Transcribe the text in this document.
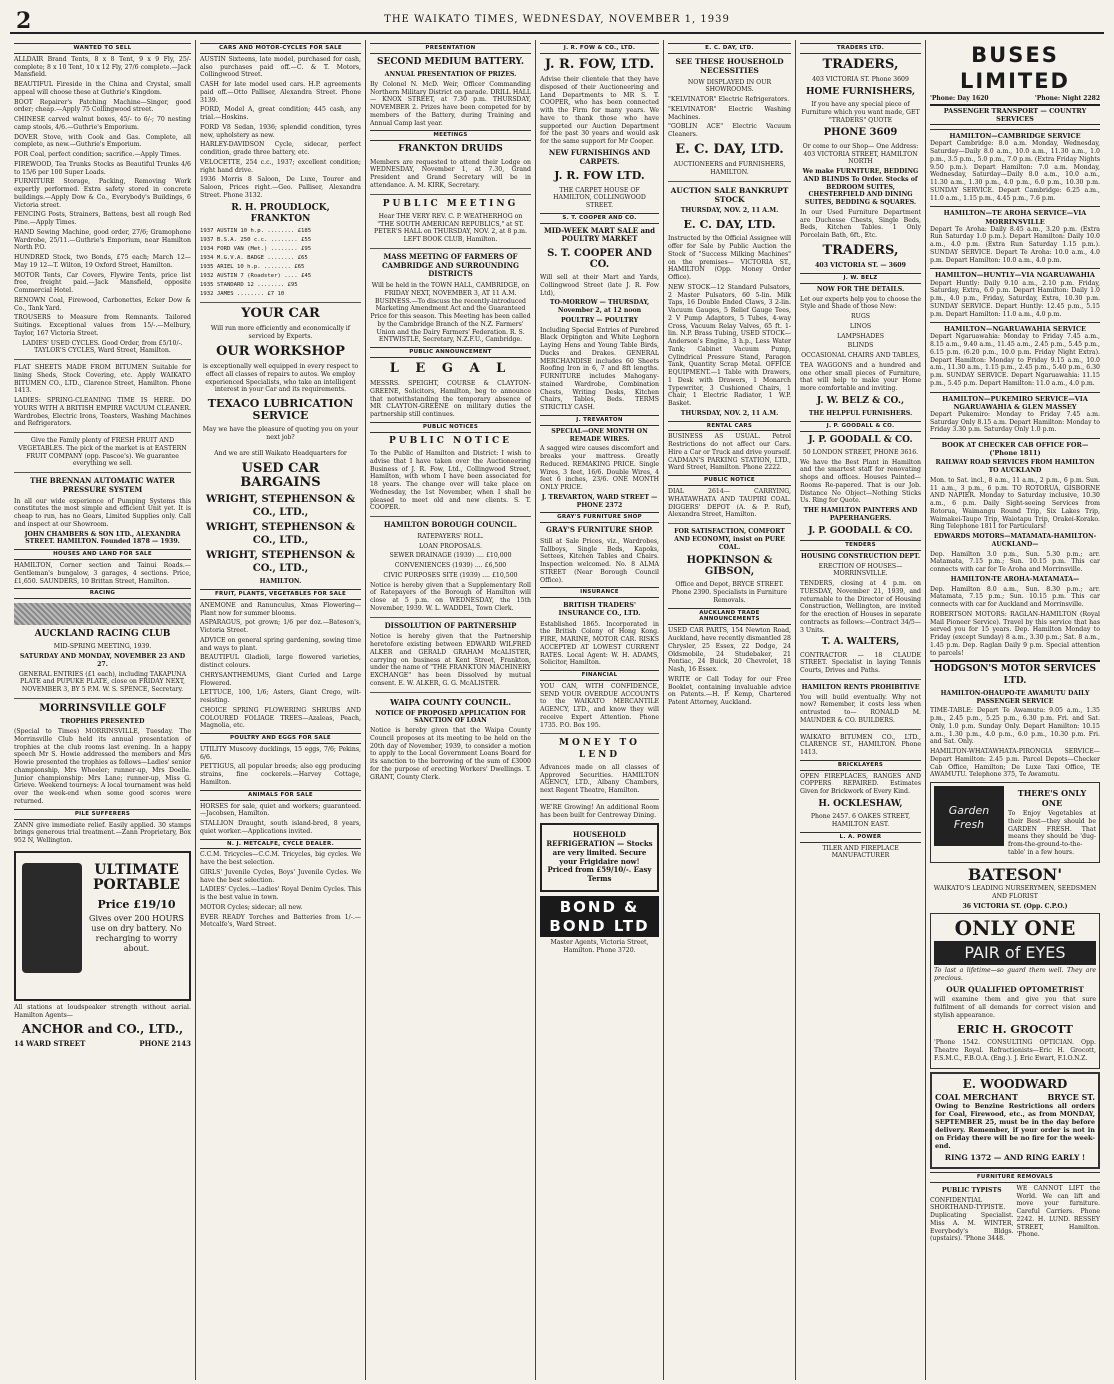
2	THE WAIKATO TIMES, WEDNESDAY, NOVEMBER 1, 1939
WANTED TO SELL
ALLDAIR Brand Tents, 8 x 8 Tent, 9 x 9 Fly, 25/- complete; 8 x 10 Tent, 10 x 12 Fly, 27/6 complete.—Jack Mansfield.
BEAUTIFUL Fireside in the China and Crystal, small appeal will choose these at Guthrie's Kingdom.
BOOT Repairer's Patching Machine—Singer, good order; cheap.—Apply 75 Collingwood street.
CHINESE carved walnut boxes, 45/- to 6/-; 70 nesting camp stools, 4/6.—Guthrie's Emporium.
DOVER Stove, with Cook and Gas. Complete, all complete, as new.—Guthrie's Emporium.
FOR Coal, perfect condition; sacrifice.—Apply Times.
FIREWOOD, Tea Trunks Stocks as Beautiful Trunks 4/6 to 15/6 per 100 Super Loads.
FURNITURE Storage, Packing, Removing Work expertly performed. Extra safety stored in concrete buildings.—Apply Dow & Co., Everybody's Buildings, 6 Victoria street.
FENCING Posts, Strainers, Battens, best all rough Red Pine.—Apply Times.
HAND Sewing Machine, good order, 27/6; Gramophone Wardrobe, 25/11.—Guthrie's Emporium, near Hamilton North P.O.
HUNDRED Stock, two Bonds, £75 each; March 12—May 19 12—T. Wilton, 19 Oxford Street, Hamilton.
MOTOR Tents, Car Covers, Flywire Tents, price list free, freight paid.—Jack Mansfield, opposite Commercial Hotel.
RENOWN Coal, Firewood, Carbonettes, Ecker Dow & Co., Tank Yard.
TROUSERS to Measure from Remnants. Tailored Suitings. Exceptional values from 15/-.—Melbury, Taylor, 167 Victoria Street.
LADIES' USED CYCLES. Good Order, from £5/10/-. TAYLOR'S CYCLES, Ward Street, Hamilton.
FLAT SHEETS MADE FROM BITUMEN Suitable for lining Sheds, Stock Covering, etc. Apply WAIKATO BITUMEN CO., LTD., Clarence Street, Hamilton. Phone 1413.
LADIES: SPRING-CLEANING TIME IS HERE. DO YOURS WITH A BRITISH EMPIRE VACUUM CLEANER. Wardrobes, Electric Irons, Toasters, Washing Machines and Refrigerators.
Give the Family plenty of FRESH FRUIT AND VEGETABLES. The pick of the market is at EASTERN FRUIT COMPANY (opp. Pascoe's). We guarantee everything we sell.
THE BRENNAN AUTOMATIC WATER PRESSURE SYSTEM
In all our wide experience of Pumping Systems this constitutes the most simple and efficient Unit yet. It is cheap to run, has no Gears, Limited Supplies only. Call and inspect at our Showroom.
JOHN CHAMBERS & SON LTD., ALEXANDRA STREET. HAMILTON. Founded 1878 — 1939.
HOUSES AND LAND FOR SALE
HAMILTON, Corner section and Tainui Roads.—Gentleman's bungalow, 3 garages, 4 sections. Price, £1,650. SAUNDERS, 10 Brittan Street, Hamilton.
RACING
AUCKLAND RACING CLUB
MID-SPRING MEETING, 1939.
SATURDAY AND MONDAY, NOVEMBER 23 AND 27.
GENERAL ENTRIES (£1 each), including TAKAPUNA PLATE and PUPUKE PLATE, close on FRIDAY NEXT, NOVEMBER 3, BY 5 P.M. W. S. SPENCE, Secretary.
MORRINSVILLE GOLF
TROPHIES PRESENTED
(Special to Times) MORRINSVILLE, Tuesday. The Morrinsville Club held its annual presentation of trophies at the club rooms last evening. In a happy speech Mr S. Howie addressed the members and Mrs Howie presented the trophies as follows—Ladies' senior championship, Mrs Wheeler; runner-up, Mrs Doelle. Junior championship: Mrs Lane; runner-up, Miss G. Grieve. Weekend tourneys: A local tournament was held over the week-end when some good scores were returned.
PILE SUFFERERS
ZANN give immediate relief. Easily applied. 30 stamps brings generous trial treatment.—Zann Proprietary, Box 952 N, Wellington.
ULTIMATE PORTABLE
Price £19/10
Gives over 200 HOURS use on dry battery. No recharging to worry about.
All stations at loudspeaker strength without aerial. Hamilton Agents—
ANCHOR and CO., LTD.,
14 WARD STREET	PHONE 2143
CARS AND MOTOR-CYCLES FOR SALE
AUSTIN Sixteens, late model, purchased for cash, also purchases paid off.—C. & T. Motors, Collingwood Street.
CASH for late model used cars. H.P. agreements paid off.—Otto Palliser, Alexandra Street. Phone 3139.
FORD, Model A, great condition; 445 cash, any trial.—Hoskins.
FORD V8 Sedan, 1936; splendid condition, tyres new, upholstery as new.
HARLEY-DAVIDSON Cycle, sidecar, perfect condition, grade three battery, etc.
VELOCETTE, 254 c.c., 1937; excellent condition; right hand drive.
1936 Morris 8 Saloon, De Luxe, Tourer and Saloon, Prices right.—Geo. Palliser, Alexandra Street. Phone 3132.
R. H. PROUDLOCK, FRANKTON
1937 AUSTIN 10 h.p. ........ £185
1937 B.S.A. 250 c.c. ........ £55
1934 FORD VAN (Met.) ........ £95
1934 M.G.V.A. BADGE ........ £65
1935 ARIEL 10 h.p. ........ £65
1932 AUSTIN 7 (Roadster) .... £45
1935 STANDARD 12 ........ £95
1932 JAMES ........ £7 10
YOUR CAR
Will run more efficiently and economically if serviced by Experts.
OUR WORKSHOP
is exceptionally well equipped in every respect to effect all classes of repairs to autos. We employ experienced Specialists, who take an intelligent interest in your Car and its requirements.
TEXACO LUBRICATION SERVICE
May we have the pleasure of quoting you on your next job?
And we are still Waikato Headquarters for
USED CAR BARGAINS
WRIGHT, STEPHENSON & CO., LTD.,
WRIGHT, STEPHENSON & CO., LTD.,
WRIGHT, STEPHENSON & CO., LTD.,
HAMILTON.
FRUIT, PLANTS, VEGETABLES FOR SALE
ANEMONE and Ranunculus, Xmas Flowering—Plant now for summer blooms.
ASPARAGUS, pot grown; 1/6 per doz.—Bateson's, Victoria Street.
ADVICE on general spring gardening, sowing time and ways to plant.
BEAUTIFUL Gladioli, large flowered varieties, distinct colours.
CHRYSANTHEMUMS, Giant Curled and Large Flowered.
LETTUCE, 100, 1/6; Asters, Giant Crego, wilt-resisting.
CHOICE SPRING FLOWERING SHRUBS AND COLOURED FOLIAGE TREES—Azaleas, Peach, Magnolia, etc.
POULTRY AND EGGS FOR SALE
UTILITY Muscovy ducklings, 15 eggs, 7/6; Pekins, 6/6.
PETTIGUS, all popular breeds; also egg producing strains, fine cockerels.—Harvey Cottage, Hamilton.
ANIMALS FOR SALE
HORSES for sale, quiet and workers; guaranteed.—Jacobsen, Hamilton.
STALLION Draught, south island-bred, 8 years, quiet worker.—Applications invited.
N. J. METCALFE, CYCLE DEALER.
C.C.M. Tricycles—C.C.M. Tricycles, big cycles. We have the best selection.
GIRLS' Juvenile Cycles, Boys' Juvenile Cycles. We have the best selection.
LADIES' Cycles.—Ladies' Royal Denim Cycles. This is the best value in town.
MOTOR Cycles; sidecar; all new.
EVER READY Torches and Batteries from 1/-.—Metcalfe's, Ward Street.
PRESENTATION
SECOND MEDIUM BATTERY.
ANNUAL PRESENTATION OF PRIZES.
By Colonel N. McD. Weir, Officer Commanding Northern Military District on parade. DRILL HALL — KNOX STREET, at 7.30 p.m. THURSDAY, NOVEMBER 2. Prizes have been competed for by members of the Battery, during Training and Annual Camp last year.
MEETINGS
FRANKTON DRUIDS
Members are requested to attend their Lodge on WEDNESDAY, November 1, at 7.30, Grand President and Grand Secretary will be in attendance. A. M. KIRK, Secretary.
PUBLIC MEETING
Hear THE VERY REV. C. P. WEATHERHOG on "THE SOUTH AMERICAN REPUBLICS," at ST. PETER'S HALL on THURSDAY, NOV. 2, at 8 p.m. LEFT BOOK CLUB, Hamilton.
MASS MEETING OF FARMERS OF CAMBRIDGE AND SURROUNDING DISTRICTS
Will be held in the TOWN HALL, CAMBRIDGE, on FRIDAY NEXT, NOVEMBER 3, AT 11 A.M. BUSINESS.—To discuss the recently-introduced Marketing Amendment Act and the Guaranteed Price for this season. This Meeting has been called by the Cambridge Branch of the N.Z. Farmers' Union and the Dairy Farmers' Federation. R. S. ENTWISTLE, Secretary, N.Z.F.U., Cambridge.
PUBLIC ANNOUNCEMENT
L E G A L
MESSRS. SPEIGHT, COURSE & CLAYTON-GREENE, Solicitors, Hamilton, beg to announce that notwithstanding the temporary absence of MR CLAYTON-GREENE on military duties the partnership still continues.
PUBLIC NOTICES
PUBLIC NOTICE
To the Public of Hamilton and District: I wish to advise that I have taken over the Auctioneering Business of J. R. Fow, Ltd., Collingwood Street, Hamilton, with whom I have been associated for 18 years. The change over will take place on Wednesday, the 1st November, when I shall be pleased to meet old and new clients. S. T. COOPER.
HAMILTON BOROUGH COUNCIL.
RATEPAYERS' ROLL.
LOAN PROPOSALS.
SEWER DRAINAGE (1939) .... £10,000
CONVENIENCES (1939) .... £6,500
CIVIC PURPOSES SITE (1939) .... £10,500
Notice is hereby given that a Supplementary Roll of Ratepayers of the Borough of Hamilton will close at 5 p.m. on WEDNESDAY, the 15th November, 1939. W. L. WADDEL, Town Clerk.
DISSOLUTION OF PARTNERSHIP
Notice is hereby given that the Partnership heretofore existing between EDWARD WILFRED ALKER and GERALD GRAHAM McALISTER, carrying on business at Kent Street, Frankton, under the name of "THE FRANKTON MACHINERY EXCHANGE" has been Dissolved by mutual consent. E. W. ALKER, G. G. McALISTER.
WAIPA COUNTY COUNCIL.
NOTICE OF PROPOSED APPLICATION FOR SANCTION OF LOAN
Notice is hereby given that the Waipa County Council proposes at its meeting to be held on the 20th day of November, 1939, to consider a motion to apply to the Local Government Loans Board for its sanction to the borrowing of the sum of £3000 for the purpose of erecting Workers' Dwellings. T. GRANT, County Clerk.
J. R. FOW & CO., LTD.
J. R. FOW, LTD.
Advise their clientele that they have disposed of their Auctioneering and Land Departments to MR S. T. COOPER, who has been connected with the Firm for many years. We have to thank those who have supported our Auction Department for the past 30 years and would ask for the same support for Mr Cooper.
NEW FURNISHINGS AND CARPETS.
J. R. FOW LTD.
THE CARPET HOUSE OF HAMILTON, COLLINGWOOD STREET.
S. T. COOPER AND CO.
MID-WEEK MART SALE and POULTRY MARKET
S. T. COOPER AND CO.
Will sell at their Mart and Yards, Collingwood Street (late J. R. Fow Ltd),
TO-MORROW — THURSDAY, November 2, at 12 noon
POULTRY — POULTRY
Including Special Entries of Purebred Black Orpington and White Leghorn Laying Hens and Young Table Birds, Ducks and Drakes. GENERAL MERCHANDISE includes 60 Sheets Roofing Iron in 6, 7 and 8ft lengths. FURNITURE includes Mahogany-stained Wardrobe, Combination Chests, Writing Desks, Kitchen Chairs, Tables, Beds. TERMS STRICTLY CASH.
J. TREVARTON
SPECIAL—ONE MONTH ON REMADE WIRES.
A sagged wire causes discomfort and breaks your mattress. Greatly Reduced. REMAKING PRICE. Single Wires, 3 feet, 16/6. Double Wires, 4 feet 6 inches, 23/6. ONE MONTH ONLY PRICE.
J. TREVARTON, WARD STREET — PHONE 2372
GRAY'S FURNITURE SHOP
GRAY'S FURNITURE SHOP.
Still at Sale Prices, viz., Wardrobes, Tallboys, Single Beds, Kapoks, Settees, Kitchen Tables and Chairs. Inspection welcomed. No. 8 ALMA STREET (Near Borough Council Office).
INSURANCE
BRITISH TRADERS' INSURANCE CO., LTD.
Established 1865. Incorporated in the British Colony of Hong Kong. FIRE, MARINE, MOTOR CAR. RISKS ACCEPTED AT LOWEST CURRENT RATES. Local Agent: W. H. ADAMS, Solicitor, Hamilton.
FINANCIAL
YOU CAN, WITH CONFIDENCE, SEND YOUR OVERDUE ACCOUNTS to the WAIKATO MERCANTILE AGENCY, LTD., and know they will receive Expert Attention. Phone 1735. P.O. Box 195.
MONEY TO LEND
Advances made on all classes of Approved Securities. HAMILTON AGENCY, LTD., Albany Chambers, next Regent Theatre, Hamilton.
WE'RE Growing! An additional Room has been built for Centreway Dining.
HOUSEHOLD REFRIGERATION — Stocks are very limited. Secure your Frigidaire now! Priced from £59/10/-. Easy Terms
BOND & BOND LTD
Master Agents, Victoria Street, Hamilton. Phone 3720.
E. C. DAY, LTD.
SEE THESE HOUSEHOLD NECESSITIES
NOW DISPLAYED IN OUR SHOWROOMS.
"KELVINATOR" Electric Refrigerators.
"KELVINATOR" Electric Washing Machines.
"GOBLIN ACE" Electric Vacuum Cleaners.
E. C. DAY, LTD.
AUCTIONEERS and FURNISHERS, HAMILTON.
AUCTION SALE BANKRUPT STOCK
THURSDAY, NOV. 2, 11 A.M.
E. C. DAY, LTD.
Instructed by the Official Assignee will offer for Sale by Public Auction the Stock of "Success Milking Machines" on the premises— VICTORIA ST., HAMILTON (Opp. Money Order Office).
NEW STOCK—12 Standard Pulsators, 2 Master Pulsators, 60 5-lin. Milk Taps, 16 Double Ended Claws, 3 2-lin. Vacuum Gauges, 5 Relief Gauge Tees, 2 V Pump Adaptors, 5 Tubes, 4-way Cross, Vacuum Relay Valves, 65 ft. 1-lin. N.P. Brass Tubing, USED STOCK—Anderson's Engine, 3 h.p., Less Water Tank; Cabinet Vacuum Pump, Cylindrical Pressure Stand, Paragon Tank, Quantity Scrap Metal. OFFICE EQUIPMENT.—1 Table with Drawers, 1 Desk with Drawers, 1 Monarch Typewriter, 3 Cushioned Chairs, 1 Chair, 1 Electric Radiator, 1 W.P. Basket.
THURSDAY, NOV. 2, 11 A.M.
RENTAL CARS
BUSINESS AS USUAL. Petrol Restrictions do not affect our Cars. Hire a Car or Truck and drive yourself. CADMAN'S PARKING STATION, LTD., Ward Street, Hamilton. Phone 2222.
PUBLIC NOTICE
DIAL 2614— CARRYING, WHATAWHATA AND TAUPIRI COAL. DIGGERS' DEPOT (A. & P. Ruf), Alexandra Street, Hamilton.
FOR SATISFACTION, COMFORT AND ECONOMY, insist on PURE COAL.
HOPKINSON & GIBSON,
Office and Depot, BRYCE STREET. Phone 2390. Specialists in Furniture Removals.
AUCKLAND TRADE ANNOUNCEMENTS
USED CAR PARTS, 154 Newton Road, Auckland, have recently dismantled 28 Chrysler, 25 Essex, 22 Dodge, 24 Oldsmobile, 24 Studebaker, 21 Pontiac, 24 Buick, 20 Chevrolet, 18 Nash, 16 Essex.
WRITE or Call Today for our Free Booklet, containing invaluable advice on Patents.—H. P. Kemp, Chartered Patent Attorney, Auckland.
TRADERS LTD.
TRADERS,
403 VICTORIA ST. Phone 3609
HOME FURNISHERS,
If you have any special piece of Furniture which you want made, GET "TRADERS" QUOTE
PHONE 3609
Or come to our Shop— One Address: 403 VICTORIA STREET, HAMILTON NORTH
We make FURNITURE, BEDDING AND BLINDS To Order. Stocks of BEDROOM SUITES, CHESTERFIELD AND DINING SUITES, BEDDING & SQUARES.
In our Used Furniture Department are Duchesse Chests, Single Beds, Beds, Kitchen Tables. 1 Only Porcelain Bath, 6ft., Etc.
TRADERS,
403 VICTORIA ST. — 3609
J. W. BELZ
NOW FOR THE DETAILS.
Let our experts help you to choose the Style and Shade of those New:
RUGS
LINOS
LAMPSHADES
BLINDS
OCCASIONAL CHAIRS AND TABLES,
TEA WAGGONS and a hundred and one other small pieces of Furniture, that will help to make your Home more comfortable and inviting.
J. W. BELZ & CO.,
THE HELPFUL FURNISHERS.
J. P. GOODALL & CO.
J. P. GOODALL & CO.
50 LONDON STREET, PHONE 3616.
We have the Best Plant in Hamilton and the smartest staff for renovating shops and offices. Houses Painted—Rooms Re-papered. That is our Job. Distance No Object—Nothing Sticks Us. Ring for Quote.
THE HAMILTON PAINTERS AND PAPERHANGERS.
J. P. GOODALL & CO.
TENDERS
HOUSING CONSTRUCTION DEPT.
ERECTION OF HOUSES—MORRINSVILLE.
TENDERS, closing at 4 p.m. on TUESDAY, November 21, 1939, and returnable to the Director of Housing Construction, Wellington, are invited for the erection of Houses in separate contracts as follows:—Contract 34/5—3 Units.
T. A. WALTERS,
CONTRACTOR — 18 CLAUDE STREET. Specialist in laying Tennis Courts, Drives and Paths.
HAMILTON RENTS PROHIBITIVE
You will build eventually. Why not now? Remember, it costs less when entrusted to— RONALD M. MAUNDER & CO. BUILDERS.
WAIKATO BITUMEN CO., LTD., CLARENCE ST., HAMILTON. Phone 1413.
BRICKLAYERS
OPEN FIREPLACES, RANGES AND COPPERS REPAIRED. Estimates Given for Brickwork of Every Kind.
H. OCKLESHAW,
Phone 2457. 6 OAKES STREET, HAMILTON EAST.
L. A. POWER
TILER AND FIREPLACE MANUFACTURER
BUSES LIMITED
'Phone: Day 1620	'Phone: Night 2282
PASSENGER TRANSPORT — COUNTRY SERVICES
HAMILTON—CAMBRIDGE SERVICE
Depart Cambridge: 8.0 a.m. Monday, Wednesday, Saturday—Daily 8.0 a.m., 10.0 a.m., 11.30 a.m., 1.0 p.m., 3.5 p.m., 5.0 p.m., 7.0 p.m. (Extra Friday Nights 9.50 p.m.). Depart Hamilton: 7.0 a.m. Monday, Wednesday, Saturday—Daily 8.0 a.m., 10.0 a.m., 11.30 a.m., 1.30 p.m., 4.0 p.m., 6.0 p.m., 10.30 p.m. SUNDAY SERVICE. Depart Cambridge: 6.25 a.m., 11.0 a.m., 1.15 p.m., 4.45 p.m., 7.6 p.m.
HAMILTON—TE AROHA SERVICE—VIA MORRINSVILLE
Depart Te Aroha: Daily 8.45 a.m., 3.20 p.m. (Extra Run Saturday 1.0 p.m.). Depart Hamilton: Daily 10.0 a.m., 4.0 p.m. (Extra Run Saturday 1.15 p.m.). SUNDAY SERVICE. Depart Te Aroha: 10.0 a.m., 4.0 p.m. Depart Hamilton: 10.0 a.m., 4.0 p.m.
HAMILTON—HUNTLY—VIA NGARUAWAHIA
Depart Huntly: Daily 9.10 a.m., 2.10 p.m. Friday, Saturday, Extra, 6.0 p.m. Depart Hamilton: Daily 1.0 p.m., 4.0 p.m., Friday, Saturday, Extra, 10.30 p.m. SUNDAY SERVICE. Depart Huntly: 12.45 p.m., 5.15 p.m. Depart Hamilton: 11.0 a.m., 4.0 p.m.
HAMILTON—NGARUAWAHIA SERVICE
Depart Ngaruawahia: Monday to Friday 7.45 a.m., 8.15 a.m., 9.40 a.m., 11.45 a.m., 2.45 p.m., 5.45 p.m., 6.15 p.m. (6.20 p.m., 10.0 p.m. Friday Night Extra). Depart Hamilton: Monday to Friday 9.15 a.m., 10.0 a.m., 11.30 a.m., 1.15 p.m., 2.45 p.m., 5.40 p.m., 6.30 p.m. SUNDAY SERVICE. Depart Ngaruawahia: 11.15 p.m., 5.45 p.m. Depart Hamilton: 11.0 a.m., 4.0 p.m.
HAMILTON—PUKEMIRO SERVICE—VIA NGARUAWAHIA & GLEN MASSEY
Depart Pukemiro: Monday to Friday 7.45 a.m. Saturday Only 8.15 a.m. Depart Hamilton: Monday to Friday 3.30 p.m. Saturday Only 1.0 p.m.
BOOK AT CHECKER CAB OFFICE FOR— ('Phone 1811)
RAILWAY ROAD SERVICES FROM HAMILTON TO AUCKLAND
Mon. to Sat. incl., 8 a.m., 11 a.m., 2 p.m., 6 p.m. Sun. 11 a.m., 3 p.m., 6 p.m. TO ROTORUA, GISBORNE AND NAPIER. Monday to Saturday inclusive, 10.30 a.m., 6 p.m. Daily Sight-seeing Services from Rotorua, Waimangu Round Trip, Six Lakes Trip, Waimakei-Taupo Trip, Waiotapu Trip, Orakei-Korako. Ring Telephone 1811 for Particulars!
EDWARDS MOTORS—MATAMATA-HAMILTON-AUCKLAND—
Dep. Hamilton 3.0 p.m., Sun. 5.30 p.m.; arr. Matamata, 7.15 p.m.; Sun. 10.15 p.m. This car connects with car for Te Aroha and Morrinsville.
HAMILTON-TE AROHA-MATAMATA—
Dep. Hamilton 8.0 a.m., Sun. 8.30 p.m.; arr. Matamata, 7.15 p.m.; Sun. 10.15 p.m. This car connects with car for Auckland and Morrinsville.
ROBERTSON MOTORS: RAGLAN-HAMILTON (Royal Mail Pioneer Service). Travel by this service that has served you for 15 years. Dep. Hamilton Monday to Friday (except Sunday) 8 a.m., 3.30 p.m.; Sat. 8 a.m., 1.45 p.m. Dep. Raglan Daily 9 p.m. Special attention to parcels!
HODGSON'S MOTOR SERVICES LTD.
HAMILTON-OHAUPO-TE AWAMUTU DAILY PASSENGER SERVICE
TIME-TABLE: Depart Te Awamutu: 9.05 a.m., 1.35 p.m., 2.45 p.m., 5.25 p.m., 6.30 p.m. Fri. and Sat. Only, 1.0 p.m. Sunday Only. Depart Hamilton: 10.15 a.m., 1.30 p.m., 4.0 p.m., 6.0 p.m., 10.30 p.m. Fri. and Sat. Only.
HAMILTON-WHATAWHATA-PIRONGIA SERVICE—Depart Hamilton: 2.45 p.m. Parcel Depots—Checker Cab Office, Hamilton; De Luxe Taxi Office, TE AWAMUTU. Telephone 375, Te Awamutu.
Garden Fresh
THERE'S ONLY ONE
To Enjoy Vegetables at their Best—they should be GARDEN FRESH. That means they should be 'dug-from-the-ground-to-the-table' in a few hours.
BATESON'
WAIKATO'S LEADING NURSERYMEN, SEEDSMEN AND FLORIST
36 VICTORIA ST. (Opp. C.P.O.)
ONLY ONE
PAIR of EYES
To last a lifetime—so guard them well. They are precious.
OUR QUALIFIED OPTOMETRIST
will examine them and give you that sure fulfilment of all demands for correct vision and stylish appearance.
ERIC H. GROCOTT
'Phone 1542. CONSULTING OPTICIAN. Opp. Theatre Royal. Refractionists—Eric H. Grocott, F.S.M.C., F.B.O.A. (Eng.). J. Eric Ewart, F.I.O.N.Z.
E. WOODWARD
COAL MERCHANT	BRYCE ST.
Owing to Benzine Restrictions all orders for Coal, Firewood, etc., as from MONDAY, SEPTEMBER 25, must be in the day before delivery. Remember, if your order is not in on Friday there will be no fire for the week-end.
RING 1372 — AND RING EARLY !
FURNITURE REMOVALS
PUBLIC TYPISTS
CONFIDENTIAL SHORTHAND-TYPISTE. Duplicating Specialist. Miss A. M. WINTER, Everybody's Bldgs. (upstairs). 'Phone 3448.
WE CANNOT LIFT the World. We can lift and move your furniture. Careful Carriers. Phone 2242. H. LUND. RESSEY STREET, Hamilton. 'Phone.
